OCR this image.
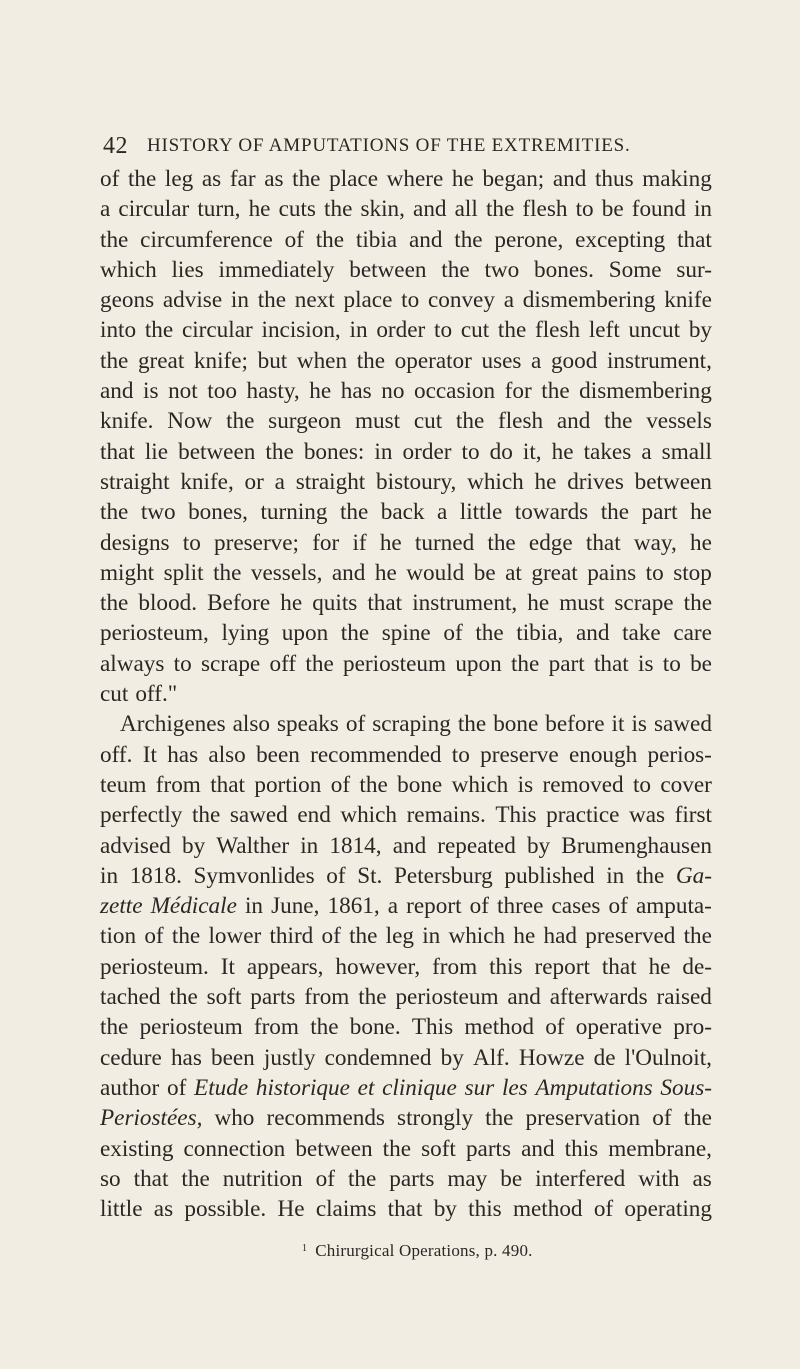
42 HISTORY OF AMPUTATIONS OF THE EXTREMITIES.
of the leg as far as the place where he began; and thus making
a circular turn, he cuts the skin, and all the flesh to be found in
the circumference of the tibia and the perone, excepting that
which lies immediately between the two bones. Some sur-
geons advise in the next place to convey a dismembering knife
into the circular incision, in order to cut the flesh left uncut by
the great knife; but when the operator uses a good instrument,
and is not too hasty, he has no occasion for the dismembering
knife. Now the surgeon must cut the flesh and the vessels
that lie between the bones: in order to do it, he takes a small
straight knife, or a straight bistoury, which he drives between
the two bones, turning the back a little towards the part he
designs to preserve; for if he turned the edge that way, he
might split the vessels, and he would be at great pains to stop
the blood. Before he quits that instrument, he must scrape the
periosteum, lying upon the spine of the tibia, and take care
always to scrape off the periosteum upon the part that is to be
cut off."
Archigenes also speaks of scraping the bone before it is sawed
off. It has also been recommended to preserve enough perios-
teum from that portion of the bone which is removed to cover
perfectly the sawed end which remains. This practice was first
advised by Walther in 1814, and repeated by Brumenghausen
in 1818. Symvonlides of St. Petersburg published in the Ga-
zette Médicale in June, 1861, a report of three cases of amputa-
tion of the lower third of the leg in which he had preserved the
periosteum. It appears, however, from this report that he de-
tached the soft parts from the periosteum and afterwards raised
the periosteum from the bone. This method of operative pro-
cedure has been justly condemned by Alf. Howze de l'Oulnoit,
author of Etude historique et clinique sur les Amputations Sous-
Periostées, who recommends strongly the preservation of the
existing connection between the soft parts and this membrane,
so that the nutrition of the parts may be interfered with as
little as possible. He claims that by this method of operating
$^1$ Chirurgical Operations, p. 490.
